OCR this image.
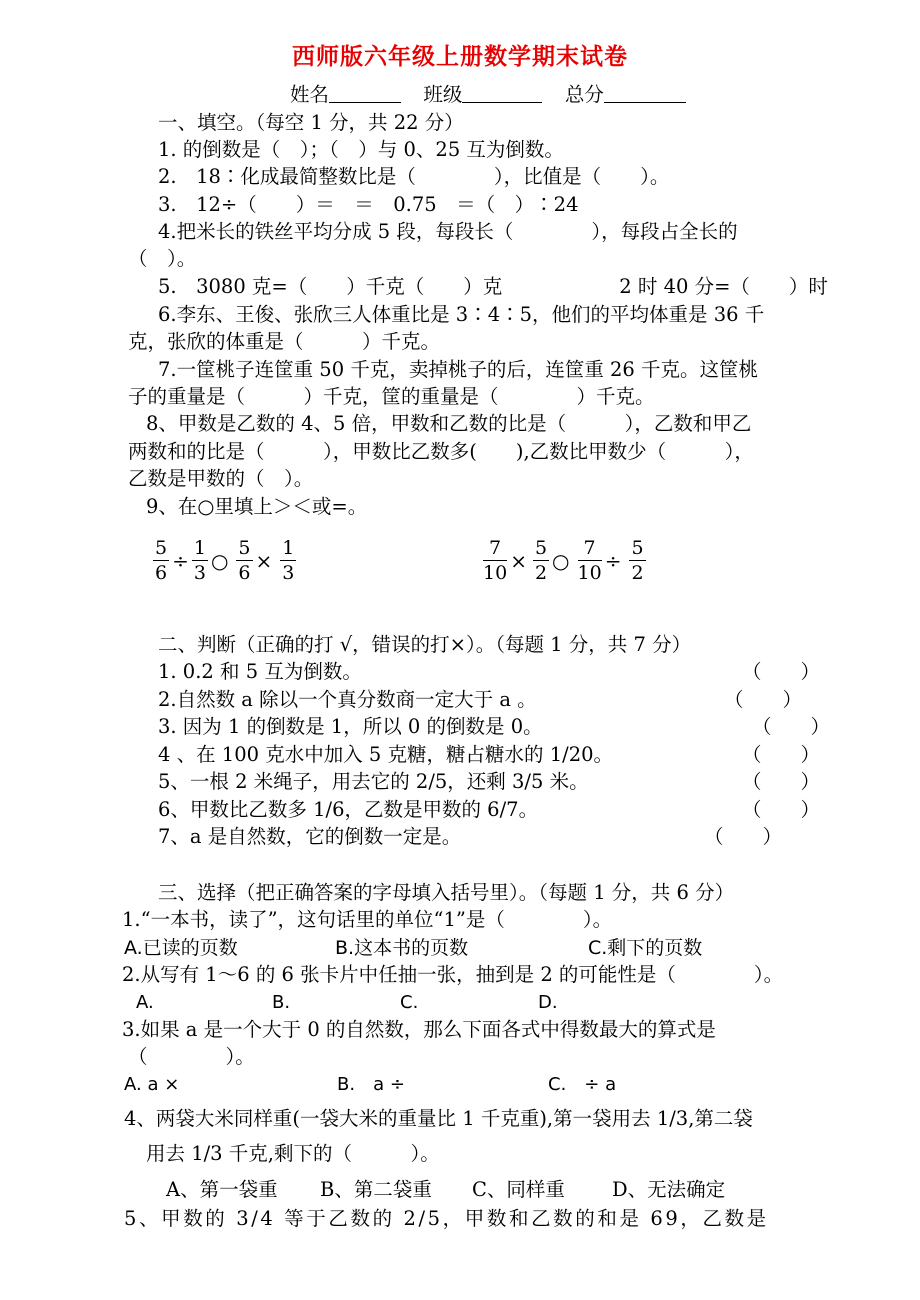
西师版六年级上册数学期末试卷
姓名	班级	总分
一、填空。（每空 1 分，共 22 分）
1. 的倒数是（　）；（　）与 0、25 互为倒数。
2.　18∶化成最简整数比是（　　　　），比值是（　　）。
3.　12÷（　　）＝　＝　0.75　＝（　）∶24
4.把米长的铁丝平均分成 5 段，每段长（　　　　），每段占全长的
（　）。
5.　3080 克=（　　）千克（　　）克　　　　　　2 时 40 分=（　　）时
6.李东、王俊、张欣三人体重比是 3∶4∶5，他们的平均体重是 36 千
克，张欣的体重是（　　　）千克。
7.一筐桃子连筐重 50 千克，卖掉桃子的后，连筐重 26 千克。这筐桃
子的重量是（　　　）千克，筐的重量是（　　　　）千克。
8、甲数是乙数的 4、5 倍，甲数和乙数的比是（　　　），乙数和甲乙
两数和的比是（　　　），甲数比乙数多(　　),乙数比甲数少（　　　），
乙数是甲数的（　）。
9、在○里填上＞＜或=。
$\frac{5}{6} \div \frac{1}{3}$ ○ $\frac{5}{6} \times \frac{1}{3}$	$\frac{7}{10} \times \frac{5}{2}$ ○ $\frac{7}{10} \div \frac{5}{2}$
二、判断（正确的打 √，错误的打×）。（每题 1 分，共 7 分）
1. 0.2 和 5 互为倒数。	（　　）
2.自然数 a 除以一个真分数商一定大于 a 。	（　　）
3. 因为 1 的倒数是 1，所以 0 的倒数是 0。	（　　）
4 、在 100 克水中加入 5 克糖，糖占糖水的 1/20。	（　　）
5、一根 2 米绳子，用去它的 2/5，还剩 3/5 米。	（　　）
6、甲数比乙数多 1/6，乙数是甲数的 6/7。	（　　）
7、a 是自然数，它的倒数一定是。	（　　）
三、选择（把正确答案的字母填入括号里）。（每题 1 分，共 6 分）
1.“一本书，读了”，这句话里的单位“1”是（　　　　）。
A.已读的页数	B.这本书的页数	C.剩下的页数
2.从写有 1～6 的 6 张卡片中任抽一张，抽到是 2 的可能性是（　　　　）。
A.	B.	C.	D.
3.如果 a 是一个大于 0 的自然数，那么下面各式中得数最大的算式是
（　　　　）。
A. a ×	B.　a ÷	C.　÷ a
4、两袋大米同样重(一袋大米的重量比 1 千克重),第一袋用去 1/3,第二袋
用去 1/3 千克,剩下的（　　　）。
A、第一袋重 B、第二袋重 C、同样重 D、无法确定
5、甲数的 3/4 等于乙数的 2/5，甲数和乙数的和是 69，乙数是
